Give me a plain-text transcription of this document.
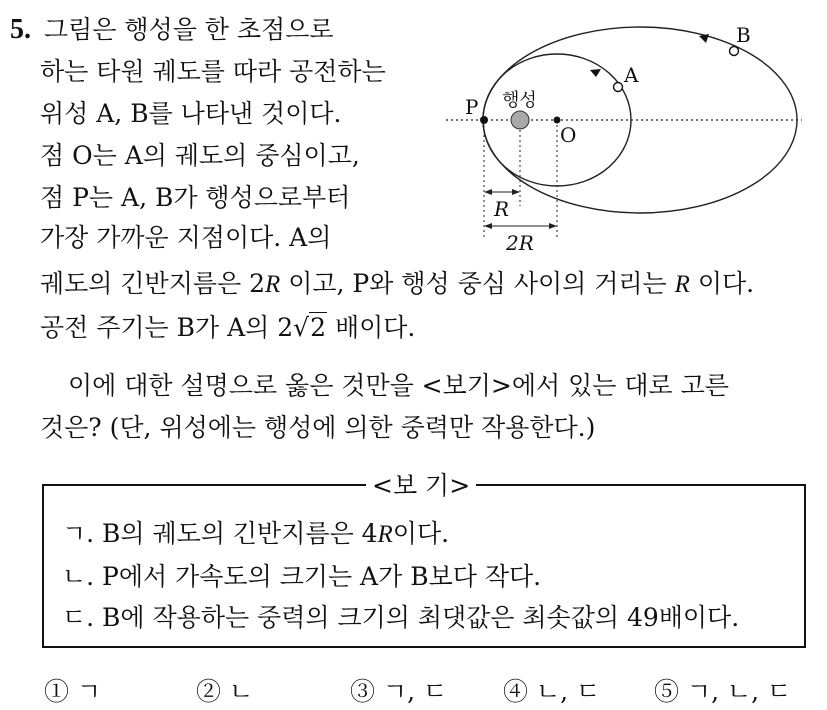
5. 그림은 행성을 한 초점으로
하는 타원 궤도를 따라 공전하는
위성 A, B를 나타낸 것이다.
점 O는 A의 궤도의 중심이고,
점 P는 A, B가 행성으로부터
가장 가까운 지점이다. A의
궤도의 긴반지름은 2R 이고, P와 행성 중심 사이의 거리는 R 이다.
공전 주기는 B가 A의 2√2 배이다.
이에 대한 설명으로 옳은 것만을 <보기>에서 있는 대로 고른
것은? (단, 위성에는 행성에 의한 중력만 작용한다.)
A
B
P
O
행성
R
2R
<보 기>
ㄱ. B의 궤도의 긴반지름은 4R이다.
ㄴ. P에서 가속도의 크기는 A가 B보다 작다.
ㄷ. B에 작용하는 중력의 크기의 최댓값은 최솟값의 49배이다.
① ㄱ	② ㄴ	③ ㄱ, ㄷ ④ ㄴ, ㄷ ⑤ ㄱ, ㄴ, ㄷ
